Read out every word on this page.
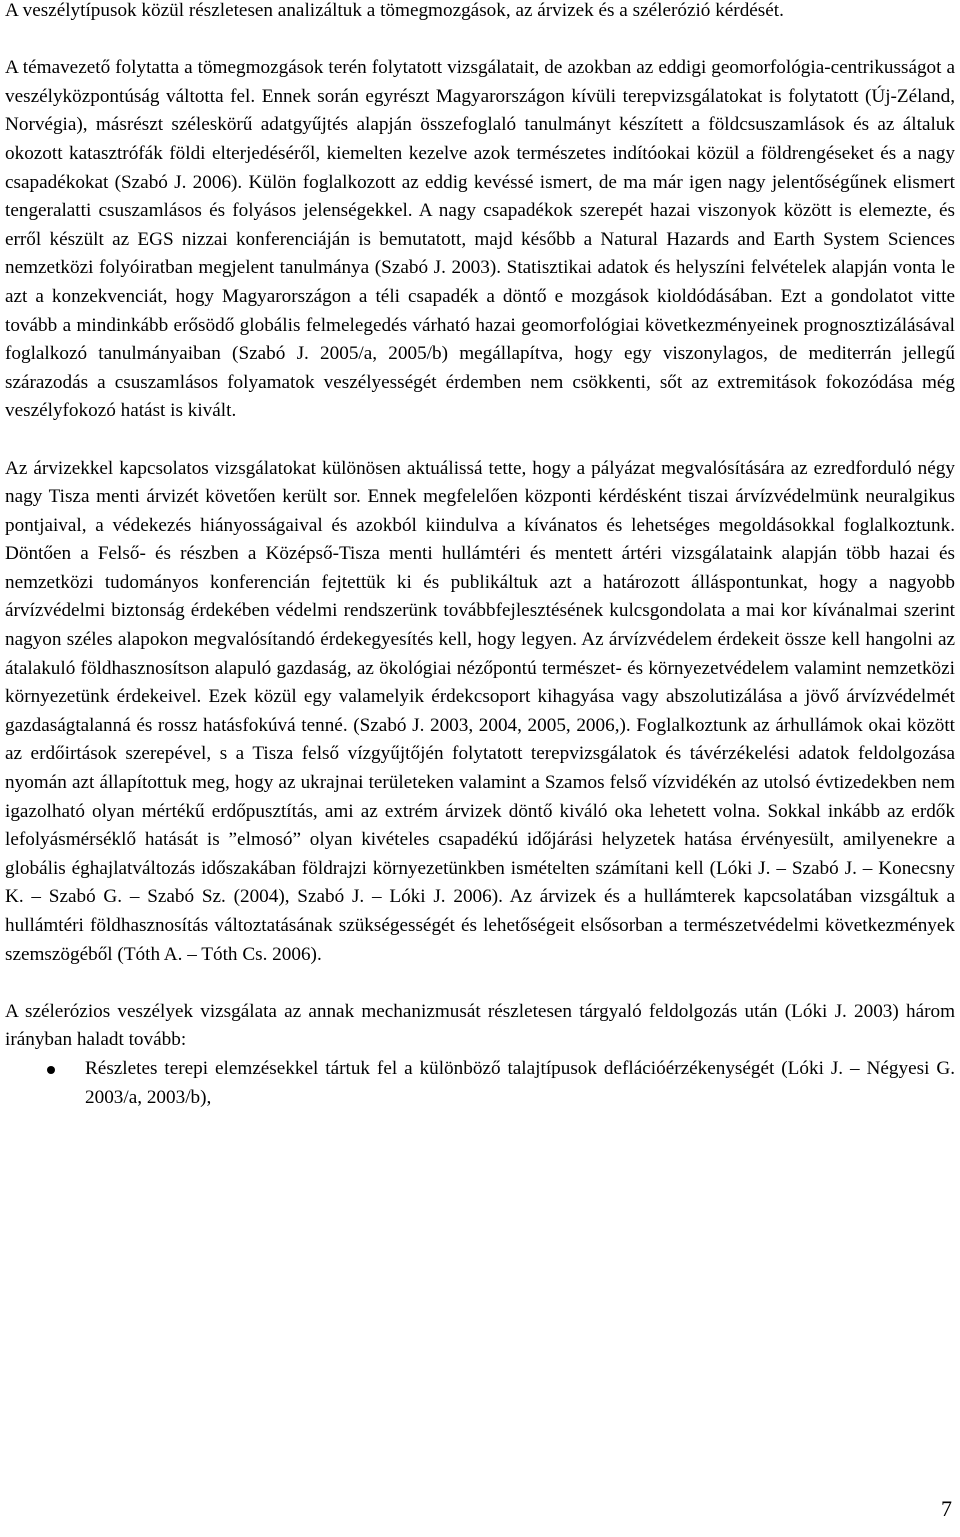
A veszélytípusok közül részletesen analizáltuk a tömegmozgások, az árvizek és a szélerózió kérdését.

A témavezető folytatta a tömegmozgások terén folytatott vizsgálatait, de azokban az eddigi geomorfológia-centrikusságot a veszélyközpontúság váltotta fel. Ennek során egyrészt Magyarországon kívüli terepvizsgálatokat is folytatott (Új-Zéland, Norvégia), másrészt széleskörű adatgyűjtés alapján összefoglaló tanulmányt készített a földcsuszamlások és az általuk okozott katasztrófák földi elterjedéséről, kiemelten kezelve azok természetes indítóokai közül a földrengéseket és a nagy csapadékokat (Szabó J. 2006). Külön foglalkozott az eddig kevéssé ismert, de ma már igen nagy jelentőségűnek elismert tengeralatti csuszamlásos és folyásos jelenségekkel. A nagy csapadékok szerepét hazai viszonyok között is elemezte, és erről készült az EGS nizzai konferenciáján is bemutatott, majd később a Natural Hazards and Earth System Sciences nemzetközi folyóiratban megjelent tanulmánya (Szabó J. 2003). Statisztikai adatok és helyszíni felvételek alapján vonta le azt a konzekvenciát, hogy Magyarországon a téli csapadék a döntő e mozgások kioldódásában. Ezt a gondolatot vitte tovább a mindinkább erősödő globális felmelegedés várható hazai geomorfológiai következményeinek prognosztizálásával foglalkozó tanulmányaiban (Szabó J. 2005/a, 2005/b) megállapítva, hogy egy viszonylagos, de mediterrán jellegű szárazodás a csuszamlásos folyamatok veszélyességét érdemben nem csökkenti, sőt az extremitások fokozódása még veszélyfokozó hatást is kivált.

Az árvizekkel kapcsolatos vizsgálatokat különösen aktuálissá tette, hogy a pályázat megvalósítására az ezredforduló négy nagy Tisza menti árvizét követően került sor. Ennek megfelelően központi kérdésként tiszai árvízvédelmünk neuralgikus pontjaival, a védekezés hiányosságaival és azokból kiindulva a kívánatos és lehetséges megoldásokkal foglalkoztunk. Döntően a Felső- és részben a Középső-Tisza menti hullámtéri és mentett ártéri vizsgálataink alapján több hazai és nemzetközi tudományos konferencián fejtettük ki és publikáltuk azt a határozott álláspontunkat, hogy a nagyobb árvízvédelmi biztonság érdekében védelmi rendszerünk továbbfejlesztésének kulcsgondolata a mai kor kívánalmai szerint nagyon széles alapokon megvalósítandó érdekegyesítés kell, hogy legyen. Az árvízvédelem érdekeit össze kell hangolni az átalakuló földhasznosítson alapuló gazdaság, az ökológiai nézőpontú természet- és környezetvédelem valamint nemzetközi környezetünk érdekeivel. Ezek közül egy valamelyik érdekcsoport kihagyása vagy abszolutizálása a jövő árvízvédelmét gazdaságtalanná és rossz hatásfokúvá tenné. (Szabó J. 2003, 2004, 2005, 2006,). Foglalkoztunk az árhullámok okai között az erdőirtások szerepével, s a Tisza felső vízgyűjtőjén folytatott terepvizsgálatok és távérzékelési adatok feldolgozása nyomán azt állapítottuk meg, hogy az ukrajnai területeken valamint a Szamos felső vízvidékén az utolsó évtizedekben nem igazolható olyan mértékű erdőpusztítás, ami az extrém árvizek döntő kiváló oka lehetett volna. Sokkal inkább az erdők lefolyásmérséklő hatását is ”elmosó” olyan kivételes csapadékú időjárási helyzetek hatása érvényesült, amilyenekre a globális éghajlatváltozás időszakában földrajzi környezetünkben ismételten számítani kell (Lóki J. – Szabó J. – Konecsny K. – Szabó G. – Szabó Sz. (2004), Szabó J. – Lóki J. 2006). Az árvizek és a hullámterek kapcsolatában vizsgáltuk a hullámtéri földhasznosítás változtatásának szükségességét és lehetőségeit elsősorban a természetvédelmi következmények szemszögéből (Tóth A. – Tóth Cs. 2006).

A szélerózios veszélyek vizsgálata az annak mechanizmusát részletesen tárgyaló feldolgozás után (Lóki J. 2003) három irányban haladt tovább:

Részletes terepi elemzésekkel tártuk fel a különböző talajtípusok deflációérzékenységét (Lóki J. – Négyesi G. 2003/a, 2003/b),
7
